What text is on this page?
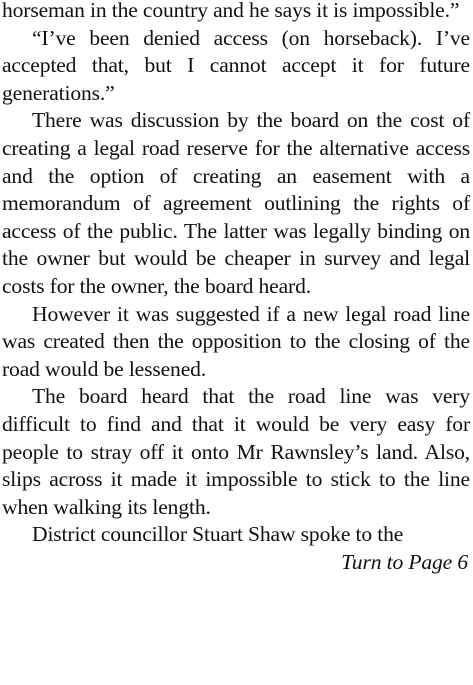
horseman in the country and he says it is impossible.”

“I’ve been denied access (on horseback). I’ve accepted that, but I cannot accept it for future generations.”

There was discussion by the board on the cost of creating a legal road reserve for the alternative access and the option of creating an easement with a memorandum of agreement outlining the rights of access of the public. The latter was legally binding on the owner but would be cheaper in survey and legal costs for the owner, the board heard.

However it was suggested if a new legal road line was created then the opposition to the closing of the road would be lessened.

The board heard that the road line was very difficult to find and that it would be very easy for people to stray off it onto Mr Rawnsley’s land. Also, slips across it made it impossible to stick to the line when walking its length.

District councillor Stuart Shaw spoke to the

Turn to Page 6
